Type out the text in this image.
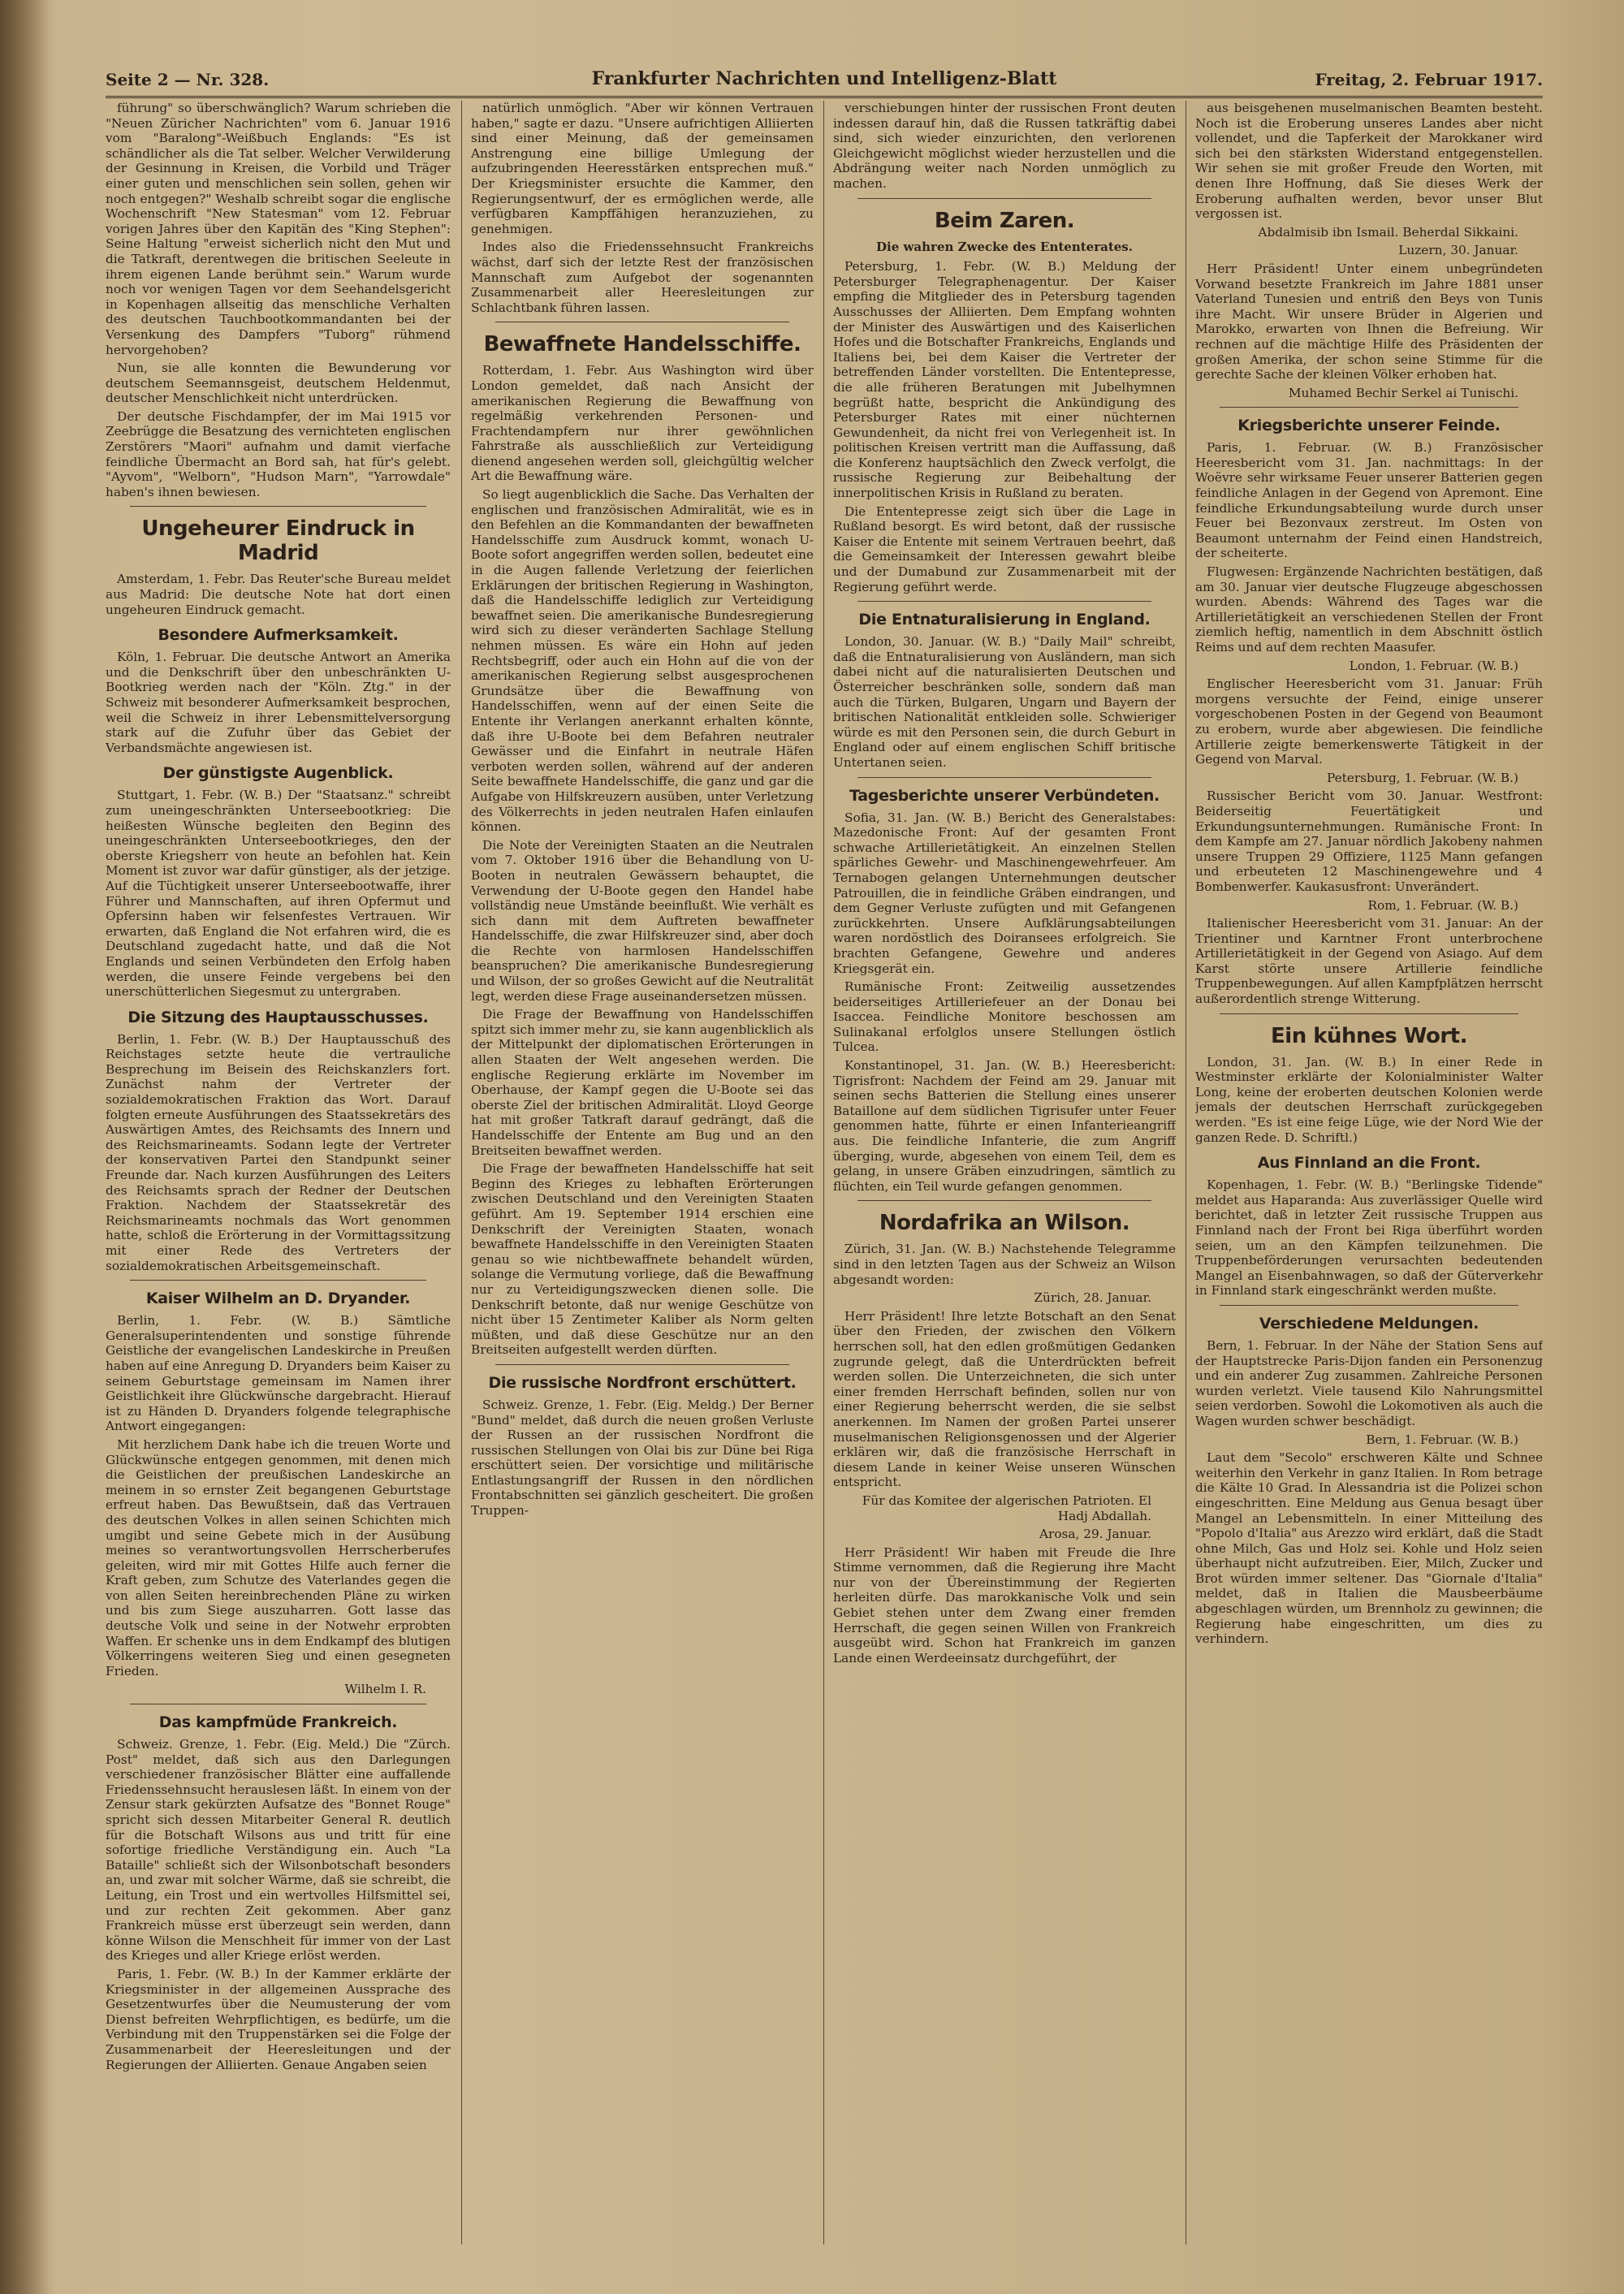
Seite 2 — Nr. 328.	Frankfurter Nachrichten und Intelligenz-Blatt	Freitag, 2. Februar 1917.

führung" so überschwänglich? Warum schrieben die "Neuen Züricher Nachrichten" vom 6. Januar 1916 vom "Baralong"-Weißbuch Englands: "Es ist schändlicher als die Tat selber. Welcher Verwilderung der Gesinnung in Kreisen, die Vorbild und Träger einer guten und menschlichen sein sollen, gehen wir noch entgegen?" Weshalb schreibt sogar die englische Wochenschrift "New Statesman" vom 12. Februar vorigen Jahres über den Kapitän des "King Stephen": Seine Haltung "erweist sicherlich nicht den Mut und die Tatkraft, derentwegen die britischen Seeleute in ihrem eigenen Lande berühmt sein." Warum wurde noch vor wenigen Tagen vor dem Seehandelsgericht in Kopenhagen allseitig das menschliche Verhalten des deutschen Tauchbootkommandanten bei der Versenkung des Dampfers "Tuborg" rühmend hervorgehoben?

Nun, sie alle konnten die Bewunderung vor deutschem Seemannsgeist, deutschem Heldenmut, deutscher Menschlichkeit nicht unterdrücken.

Der deutsche Fischdampfer, der im Mai 1915 vor Zeebrügge die Besatzung des vernichteten englischen Zerstörers "Maori" aufnahm und damit vierfache feindliche Übermacht an Bord sah, hat für's gelebt. "Ayvom", "Welborn", "Hudson Marn", "Yarrowdale" haben's ihnen bewiesen.

Ungeheurer Eindruck in Madrid

Amsterdam, 1. Febr. Das Reuter'sche Bureau meldet aus Madrid: Die deutsche Note hat dort einen ungeheuren Eindruck gemacht.

Besondere Aufmerksamkeit.

Köln, 1. Februar. Die deutsche Antwort an Amerika und die Denkschrift über den unbeschränkten U-Bootkrieg werden nach der "Köln. Ztg." in der Schweiz mit besonderer Aufmerksamkeit besprochen, weil die Schweiz in ihrer Lebensmittelversorgung stark auf die Zufuhr über das Gebiet der Verbandsmächte angewiesen ist.

Der günstigste Augenblick.

Stuttgart, 1. Febr. (W. B.) Der "Staatsanz." schreibt zum uneingeschränkten Unterseebootkrieg: Die heißesten Wünsche begleiten den Beginn des uneingeschränkten Unterseebootkrieges, den der oberste Kriegsherr von heute an befohlen hat. Kein Moment ist zuvor war dafür günstiger, als der jetzige. Auf die Tüchtigkeit unserer Unterseebootwaffe, ihrer Führer und Mannschaften, auf ihren Opfermut und Opfersinn haben wir felsenfestes Vertrauen. Wir erwarten, daß England die Not erfahren wird, die es Deutschland zugedacht hatte, und daß die Not Englands und seinen Verbündeten den Erfolg haben werden, die unsere Feinde vergebens bei den unerschütterlichen Siegesmut zu untergraben.

Die Sitzung des Hauptausschusses.

Berlin, 1. Febr. (W. B.) Der Hauptausschuß des Reichstages setzte heute die vertrauliche Besprechung im Beisein des Reichskanzlers fort. Zunächst nahm der Vertreter der sozialdemokratischen Fraktion das Wort. Darauf folgten erneute Ausführungen des Staatssekretärs des Auswärtigen Amtes, des Reichsamts des Innern und des Reichsmarineamts. Sodann legte der Vertreter der konservativen Partei den Standpunkt seiner Freunde dar. Nach kurzen Ausführungen des Leiters des Reichsamts sprach der Redner der Deutschen Fraktion. Nachdem der Staatssekretär des Reichsmarineamts nochmals das Wort genommen hatte, schloß die Erörterung in der Vormittagssitzung mit einer Rede des Vertreters der sozialdemokratischen Arbeitsgemeinschaft.

Kaiser Wilhelm an D. Dryander.

Berlin, 1. Febr. (W. B.) Sämtliche Generalsuperintendenten und sonstige führende Geistliche der evangelischen Landeskirche in Preußen haben auf eine Anregung D. Dryanders beim Kaiser zu seinem Geburtstage gemeinsam im Namen ihrer Geistlichkeit ihre Glückwünsche dargebracht. Hierauf ist zu Händen D. Dryanders folgende telegraphische Antwort eingegangen:

Mit herzlichem Dank habe ich die treuen Worte und Glückwünsche entgegen genommen, mit denen mich die Geistlichen der preußischen Landeskirche an meinem in so ernster Zeit begangenen Geburtstage erfreut haben. Das Bewußtsein, daß das Vertrauen des deutschen Volkes in allen seinen Schichten mich umgibt und seine Gebete mich in der Ausübung meines so verantwortungsvollen Herrscherberufes geleiten, wird mir mit Gottes Hilfe auch ferner die Kraft geben, zum Schutze des Vaterlandes gegen die von allen Seiten hereinbrechenden Pläne zu wirken und bis zum Siege auszuharren. Gott lasse das deutsche Volk und seine in der Notwehr erprobten Waffen. Er schenke uns in dem Endkampf des blutigen Völkerringens weiteren Sieg und einen gesegneten Frieden.

Wilhelm I. R.

Das kampfmüde Frankreich.

Schweiz. Grenze, 1. Febr. (Eig. Meld.) Die "Zürch. Post" meldet, daß sich aus den Darlegungen verschiedener französischer Blätter eine auffallende Friedenssehnsucht herauslesen läßt. In einem von der Zensur stark gekürzten Aufsatze des "Bonnet Rouge" spricht sich dessen Mitarbeiter General R. deutlich für die Botschaft Wilsons aus und tritt für eine sofortige friedliche Verständigung ein. Auch "La Bataille" schließt sich der Wilsonbotschaft besonders an, und zwar mit solcher Wärme, daß sie schreibt, die Leitung, ein Trost und ein wertvolles Hilfsmittel sei, und zur rechten Zeit gekommen. Aber ganz Frankreich müsse erst überzeugt sein werden, dann könne Wilson die Menschheit für immer von der Last des Krieges und aller Kriege erlöst werden.

Paris, 1. Febr. (W. B.) In der Kammer erklärte der Kriegsminister in der allgemeinen Aussprache des Gesetzentwurfes über die Neumusterung der vom Dienst befreiten Wehrpflichtigen, es bedürfe, um die Verbindung mit den Truppenstärken sei die Folge der Zusammenarbeit der Heeresleitungen und der Regierungen der Alliierten. Genaue Angaben seien

natürlich unmöglich. "Aber wir können Vertrauen haben," sagte er dazu. "Unsere aufrichtigen Alliierten sind einer Meinung, daß der gemeinsamen Anstrengung eine billige Umlegung der aufzubringenden Heeresstärken entsprechen muß." Der Kriegsminister ersuchte die Kammer, den Regierungsentwurf, der es ermöglichen werde, alle verfügbaren Kampffähigen heranzuziehen, zu genehmigen.

Indes also die Friedenssehnsucht Frankreichs wächst, darf sich der letzte Rest der französischen Mannschaft zum Aufgebot der sogenannten Zusammenarbeit aller Heeresleitungen zur Schlachtbank führen lassen.

Bewaffnete Handelsschiffe.

Rotterdam, 1. Febr. Aus Washington wird über London gemeldet, daß nach Ansicht der amerikanischen Regierung die Bewaffnung von regelmäßig verkehrenden Personen- und Frachtendampfern nur ihrer gewöhnlichen Fahrstraße als ausschließlich zur Verteidigung dienend angesehen werden soll, gleichgültig welcher Art die Bewaffnung wäre.

So liegt augenblicklich die Sache. Das Verhalten der englischen und französischen Admiralität, wie es in den Befehlen an die Kommandanten der bewaffneten Handelsschiffe zum Ausdruck kommt, wonach U-Boote sofort angegriffen werden sollen, bedeutet eine in die Augen fallende Verletzung der feierlichen Erklärungen der britischen Regierung in Washington, daß die Handelsschiffe lediglich zur Verteidigung bewaffnet seien. Die amerikanische Bundesregierung wird sich zu dieser veränderten Sachlage Stellung nehmen müssen. Es wäre ein Hohn auf jeden Rechtsbegriff, oder auch ein Hohn auf die von der amerikanischen Regierung selbst ausgesprochenen Grundsätze über die Bewaffnung von Handelsschiffen, wenn auf der einen Seite die Entente ihr Verlangen anerkannt erhalten könnte, daß ihre U-Boote bei dem Befahren neutraler Gewässer und die Einfahrt in neutrale Häfen verboten werden sollen, während auf der anderen Seite bewaffnete Handelsschiffe, die ganz und gar die Aufgabe von Hilfskreuzern ausüben, unter Verletzung des Völkerrechts in jeden neutralen Hafen einlaufen können.

Die Note der Vereinigten Staaten an die Neutralen vom 7. Oktober 1916 über die Behandlung von U-Booten in neutralen Gewässern behauptet, die Verwendung der U-Boote gegen den Handel habe vollständig neue Umstände beeinflußt. Wie verhält es sich dann mit dem Auftreten bewaffneter Handelsschiffe, die zwar Hilfskreuzer sind, aber doch die Rechte von harmlosen Handelsschiffen beanspruchen? Die amerikanische Bundesregierung und Wilson, der so großes Gewicht auf die Neutralität legt, werden diese Frage auseinandersetzen müssen.

Die Frage der Bewaffnung von Handelsschiffen spitzt sich immer mehr zu, sie kann augenblicklich als der Mittelpunkt der diplomatischen Erörterungen in allen Staaten der Welt angesehen werden. Die englische Regierung erklärte im November im Oberhause, der Kampf gegen die U-Boote sei das oberste Ziel der britischen Admiralität. Lloyd George hat mit großer Tatkraft darauf gedrängt, daß die Handelsschiffe der Entente am Bug und an den Breitseiten bewaffnet werden.

Die Frage der bewaffneten Handelsschiffe hat seit Beginn des Krieges zu lebhaften Erörterungen zwischen Deutschland und den Vereinigten Staaten geführt. Am 19. September 1914 erschien eine Denkschrift der Vereinigten Staaten, wonach bewaffnete Handelsschiffe in den Vereinigten Staaten genau so wie nichtbewaffnete behandelt würden, solange die Vermutung vorliege, daß die Bewaffnung nur zu Verteidigungszwecken dienen solle. Die Denkschrift betonte, daß nur wenige Geschütze von nicht über 15 Zentimeter Kaliber als Norm gelten müßten, und daß diese Geschütze nur an den Breitseiten aufgestellt werden dürften.

Die russische Nordfront erschüttert.

Schweiz. Grenze, 1. Febr. (Eig. Meldg.) Der Berner "Bund" meldet, daß durch die neuen großen Verluste der Russen an der russischen Nordfront die russischen Stellungen von Olai bis zur Düne bei Riga erschüttert seien. Der vorsichtige und militärische Entlastungsangriff der Russen in den nördlichen Frontabschnitten sei gänzlich gescheitert. Die großen Truppen-

verschiebungen hinter der russischen Front deuten indessen darauf hin, daß die Russen tatkräftig dabei sind, sich wieder einzurichten, den verlorenen Gleichgewicht möglichst wieder herzustellen und die Abdrängung weiter nach Norden unmöglich zu machen.

Beim Zaren.
Die wahren Zwecke des Ententerates.

Petersburg, 1. Febr. (W. B.) Meldung der Petersburger Telegraphenagentur. Der Kaiser empfing die Mitglieder des in Petersburg tagenden Ausschusses der Alliierten. Dem Empfang wohnten der Minister des Auswärtigen und des Kaiserlichen Hofes und die Botschafter Frankreichs, Englands und Italiens bei, bei dem Kaiser die Vertreter der betreffenden Länder vorstellten. Die Ententepresse, die alle früheren Beratungen mit Jubelhymnen begrüßt hatte, bespricht die Ankündigung des Petersburger Rates mit einer nüchternen Gewundenheit, da nicht frei von Verlegenheit ist. In politischen Kreisen vertritt man die Auffassung, daß die Konferenz hauptsächlich den Zweck verfolgt, die russische Regierung zur Beibehaltung der innerpolitischen Krisis in Rußland zu beraten.

Die Ententepresse zeigt sich über die Lage in Rußland besorgt. Es wird betont, daß der russische Kaiser die Entente mit seinem Vertrauen beehrt, daß die Gemeinsamkeit der Interessen gewahrt bleibe und der Dumabund zur Zusammenarbeit mit der Regierung geführt werde.

Die Entnaturalisierung in England.

London, 30. Januar. (W. B.) "Daily Mail" schreibt, daß die Entnaturalisierung von Ausländern, man sich dabei nicht auf die naturalisierten Deutschen und Österreicher beschränken solle, sondern daß man auch die Türken, Bulgaren, Ungarn und Bayern der britischen Nationalität entkleiden solle. Schwieriger würde es mit den Personen sein, die durch Geburt in England oder auf einem englischen Schiff britische Untertanen seien.

Tagesberichte unserer Verbündeten.

Sofia, 31. Jan. (W. B.) Bericht des Generalstabes: Mazedonische Front: Auf der gesamten Front schwache Artillerietätigkeit. An einzelnen Stellen spärliches Gewehr- und Maschinengewehrfeuer. Am Ternabogen gelangen Unternehmungen deutscher Patrouillen, die in feindliche Gräben eindrangen, und dem Gegner Verluste zufügten und mit Gefangenen zurückkehrten. Unsere Aufklärungsabteilungen waren nordöstlich des Doiransees erfolgreich. Sie brachten Gefangene, Gewehre und anderes Kriegsgerät ein.

Rumänische Front: Zeitweilig aussetzendes beiderseitiges Artilleriefeuer an der Donau bei Isaccea. Feindliche Monitore beschossen am Sulinakanal erfolglos unsere Stellungen östlich Tulcea.

Konstantinopel, 31. Jan. (W. B.) Heeresbericht: Tigrisfront: Nachdem der Feind am 29. Januar mit seinen sechs Batterien die Stellung eines unserer Bataillone auf dem südlichen Tigrisufer unter Feuer genommen hatte, führte er einen Infanterieangriff aus. Die feindliche Infanterie, die zum Angriff überging, wurde, abgesehen von einem Teil, dem es gelang, in unsere Gräben einzudringen, sämtlich zu flüchten, ein Teil wurde gefangen genommen.

Nordafrika an Wilson.

Zürich, 31. Jan. (W. B.) Nachstehende Telegramme sind in den letzten Tagen aus der Schweiz an Wilson abgesandt worden:

Zürich, 28. Januar.

Herr Präsident! Ihre letzte Botschaft an den Senat über den Frieden, der zwischen den Völkern herrschen soll, hat den edlen großmütigen Gedanken zugrunde gelegt, daß die Unterdrückten befreit werden sollen. Die Unterzeichneten, die sich unter einer fremden Herrschaft befinden, sollen nur von einer Regierung beherrscht werden, die sie selbst anerkennen. Im Namen der großen Partei unserer muselmanischen Religionsgenossen und der Algerier erklären wir, daß die französische Herrschaft in diesem Lande in keiner Weise unseren Wünschen entspricht.

Für das Komitee der algerischen Patrioten. El Hadj Abdallah.

Arosa, 29. Januar.

Herr Präsident! Wir haben mit Freude die Ihre Stimme vernommen, daß die Regierung ihre Macht nur von der Übereinstimmung der Regierten herleiten dürfe. Das marokkanische Volk und sein Gebiet stehen unter dem Zwang einer fremden Herrschaft, die gegen seinen Willen von Frankreich ausgeübt wird. Schon hat Frankreich im ganzen Lande einen Werdeeinsatz durchgeführt, der

aus beisgehenen muselmanischen Beamten besteht. Noch ist die Eroberung unseres Landes aber nicht vollendet, und die Tapferkeit der Marokkaner wird sich bei den stärksten Widerstand entgegenstellen. Wir sehen sie mit großer Freude den Worten, mit denen Ihre Hoffnung, daß Sie dieses Werk der Eroberung aufhalten werden, bevor unser Blut vergossen ist.

Abdalmisib ibn Ismail. Beherdal Sikkaini.

Luzern, 30. Januar.

Herr Präsident! Unter einem unbegründeten Vorwand besetzte Frankreich im Jahre 1881 unser Vaterland Tunesien und entriß den Beys von Tunis ihre Macht. Wir unsere Brüder in Algerien und Marokko, erwarten von Ihnen die Befreiung. Wir rechnen auf die mächtige Hilfe des Präsidenten der großen Amerika, der schon seine Stimme für die gerechte Sache der kleinen Völker erhoben hat.

Muhamed Bechir Serkel ai Tunischi.

Kriegsberichte unserer Feinde.

Paris, 1. Februar. (W. B.) Französischer Heeresbericht vom 31. Jan. nachmittags: In der Woëvre sehr wirksame Feuer unserer Batterien gegen feindliche Anlagen in der Gegend von Apremont. Eine feindliche Erkundungsabteilung wurde durch unser Feuer bei Bezonvaux zerstreut. Im Osten von Beaumont unternahm der Feind einen Handstreich, der scheiterte.

Flugwesen: Ergänzende Nachrichten bestätigen, daß am 30. Januar vier deutsche Flugzeuge abgeschossen wurden. Abends: Während des Tages war die Artillerietätigkeit an verschiedenen Stellen der Front ziemlich heftig, namentlich in dem Abschnitt östlich Reims und auf dem rechten Maasufer.

London, 1. Februar. (W. B.)

Englischer Heeresbericht vom 31. Januar: Früh morgens versuchte der Feind, einige unserer vorgeschobenen Posten in der Gegend von Beaumont zu erobern, wurde aber abgewiesen. Die feindliche Artillerie zeigte bemerkenswerte Tätigkeit in der Gegend von Marval.

Petersburg, 1. Februar. (W. B.)

Russischer Bericht vom 30. Januar. Westfront: Beiderseitig Feuertätigkeit und Erkundungsunternehmungen. Rumänische Front: In dem Kampfe am 27. Januar nördlich Jakobeny nahmen unsere Truppen 29 Offiziere, 1125 Mann gefangen und erbeuteten 12 Maschinengewehre und 4 Bombenwerfer. Kaukasusfront: Unverändert.

Rom, 1. Februar. (W. B.)

Italienischer Heeresbericht vom 31. Januar: An der Trientiner und Karntner Front unterbrochene Artillerietätigkeit in der Gegend von Asiago. Auf dem Karst störte unsere Artillerie feindliche Truppenbewegungen. Auf allen Kampfplätzen herrscht außerordentlich strenge Witterung.

Ein kühnes Wort.

London, 31. Jan. (W. B.) In einer Rede in Westminster erklärte der Kolonialminister Walter Long, keine der eroberten deutschen Kolonien werde jemals der deutschen Herrschaft zurückgegeben werden. "Es ist eine feige Lüge, wie der Nord Wie der ganzen Rede. D. Schriftl.)

Aus Finnland an die Front.

Kopenhagen, 1. Febr. (W. B.) "Berlingske Tidende" meldet aus Haparanda: Aus zuverlässiger Quelle wird berichtet, daß in letzter Zeit russische Truppen aus Finnland nach der Front bei Riga überführt worden seien, um an den Kämpfen teilzunehmen. Die Truppenbeförderungen verursachten bedeutenden Mangel an Eisenbahnwagen, so daß der Güterverkehr in Finnland stark eingeschränkt werden mußte.

Verschiedene Meldungen.

Bern, 1. Februar. In der Nähe der Station Sens auf der Hauptstrecke Paris-Dijon fanden ein Personenzug und ein anderer Zug zusammen. Zahlreiche Personen wurden verletzt. Viele tausend Kilo Nahrungsmittel seien verdorben. Sowohl die Lokomotiven als auch die Wagen wurden schwer beschädigt.

Bern, 1. Februar. (W. B.)

Laut dem "Secolo" erschweren Kälte und Schnee weiterhin den Verkehr in ganz Italien. In Rom betrage die Kälte 10 Grad. In Alessandria ist die Polizei schon eingeschritten. Eine Meldung aus Genua besagt über Mangel an Lebensmitteln. In einer Mitteilung des "Popolo d'Italia" aus Arezzo wird erklärt, daß die Stadt ohne Milch, Gas und Holz sei. Kohle und Holz seien überhaupt nicht aufzutreiben. Eier, Milch, Zucker und Brot würden immer seltener. Das "Giornale d'Italia" meldet, daß in Italien die Mausbeerbäume abgeschlagen würden, um Brennholz zu gewinnen; die Regierung habe eingeschritten, um dies zu verhindern.
